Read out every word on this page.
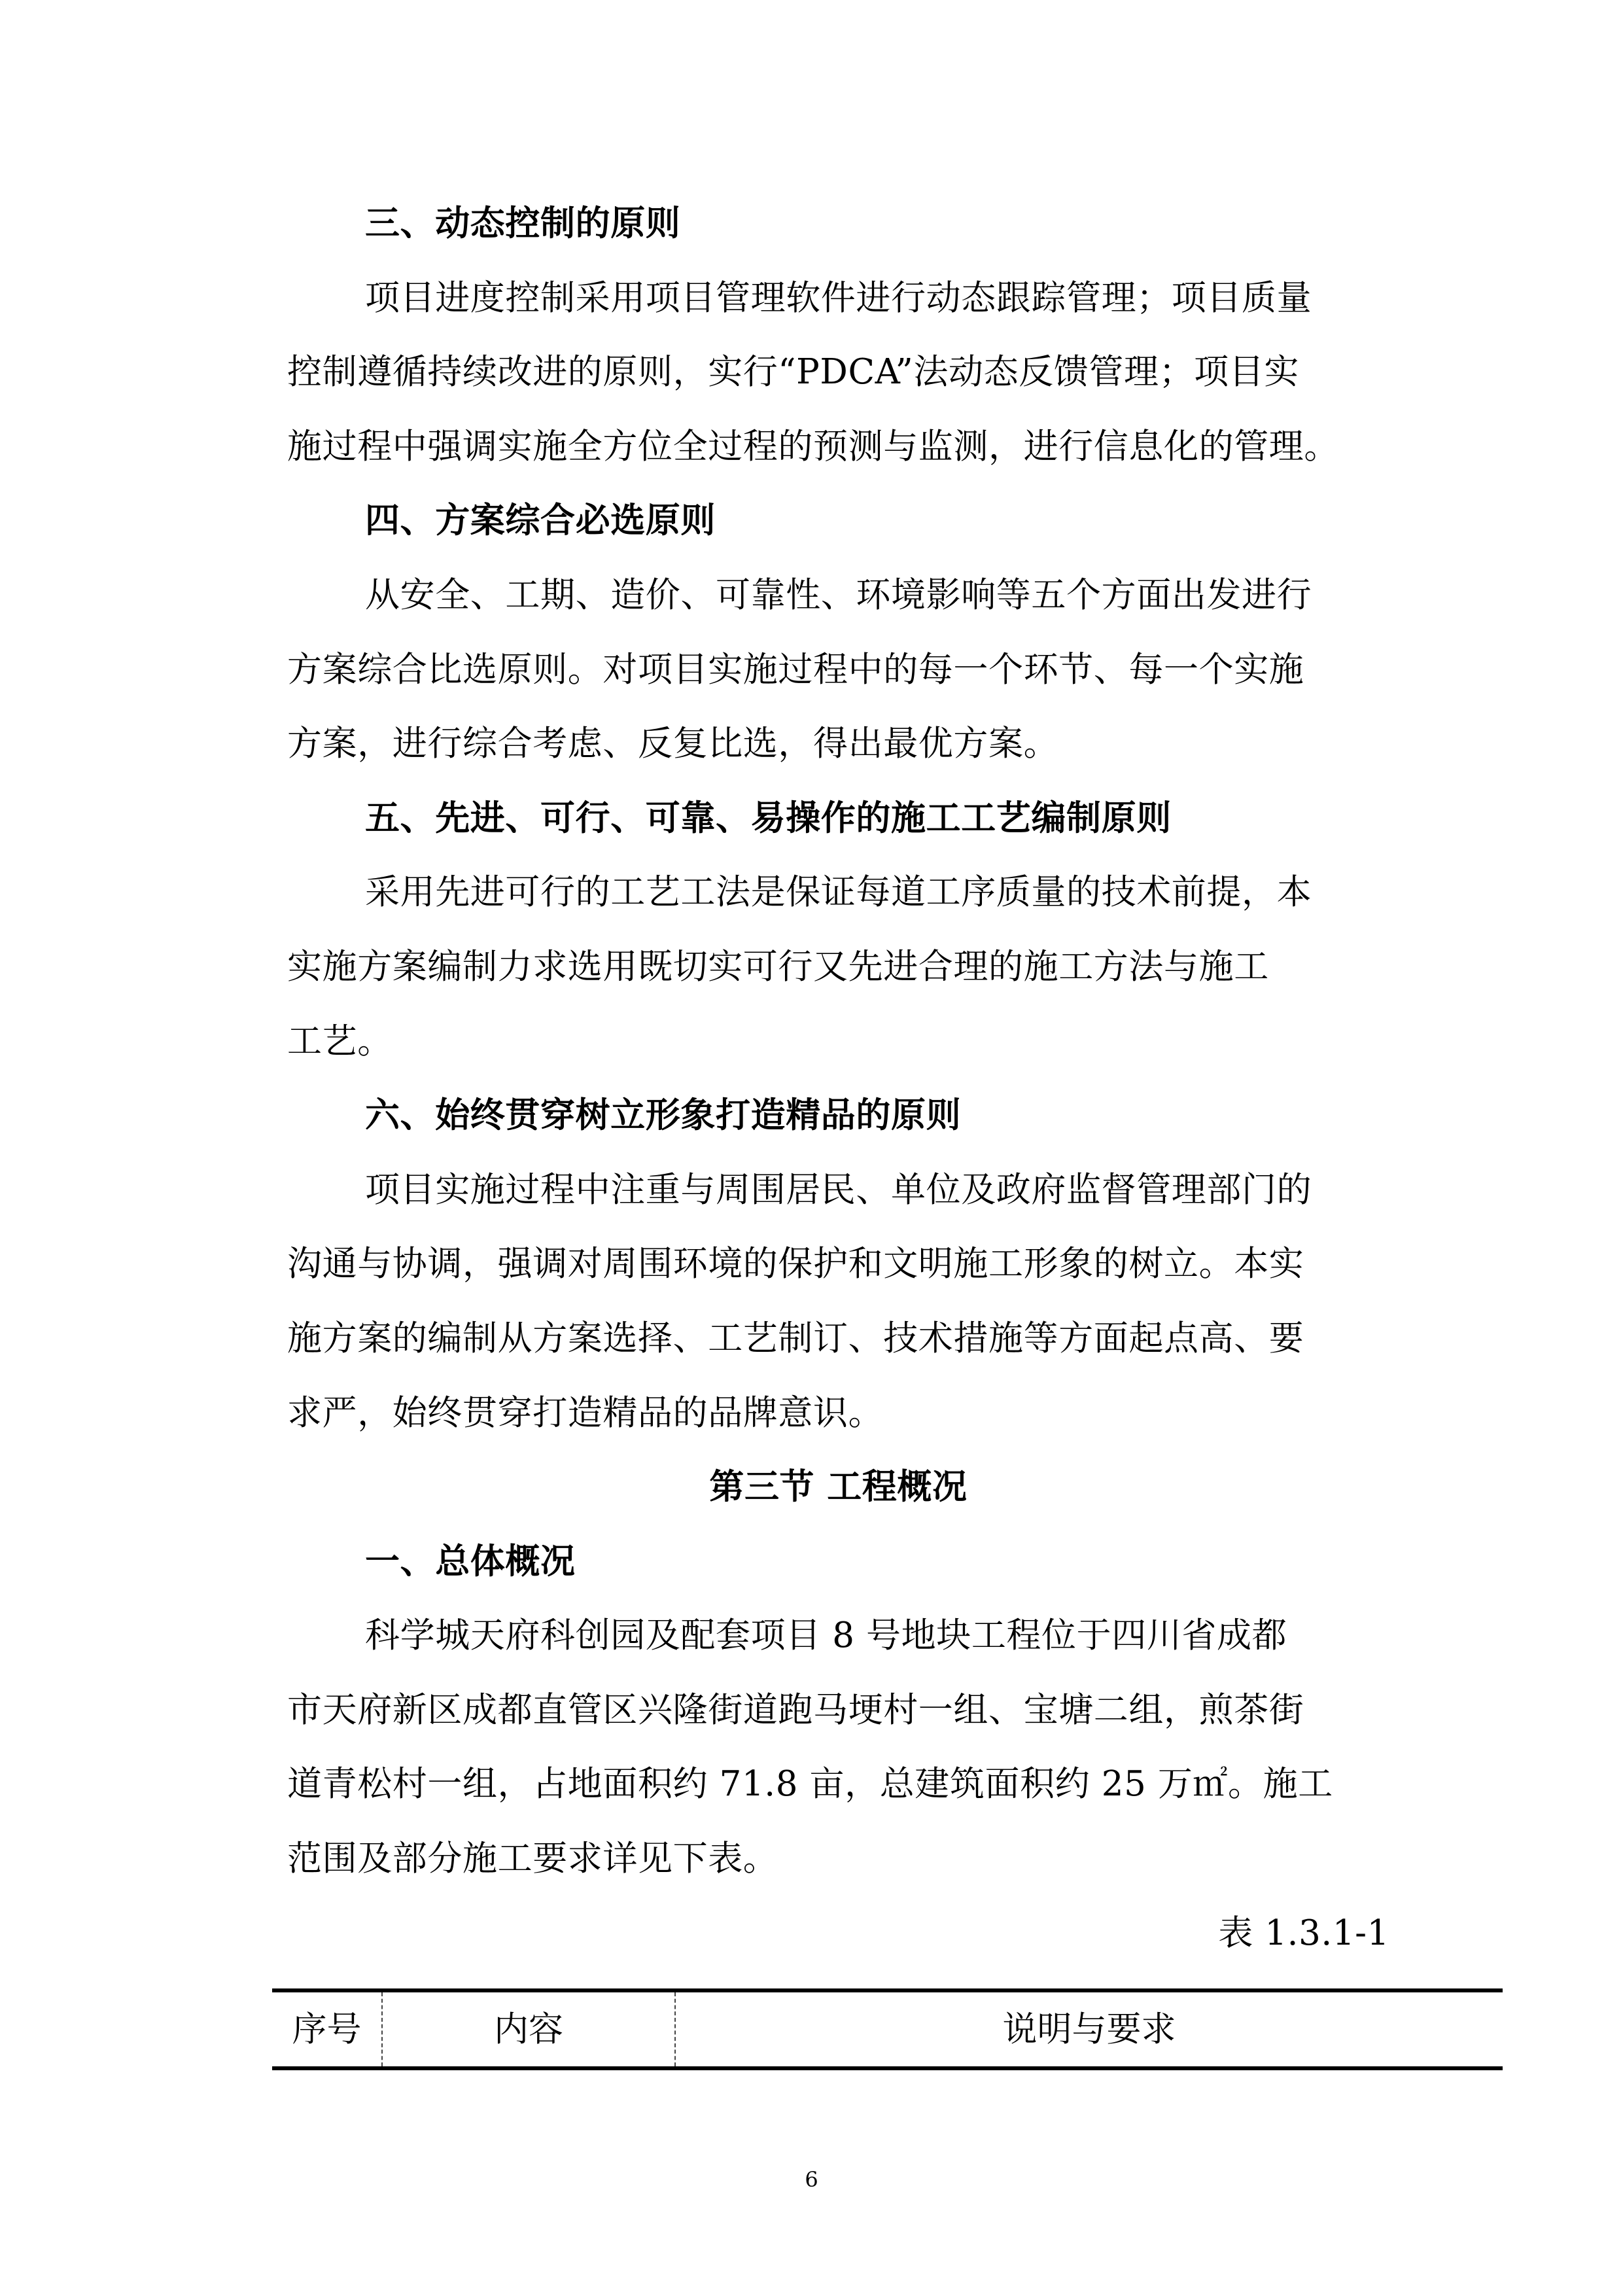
三、动态控制的原则
项目进度控制采用项目管理软件进行动态跟踪管理；项目质量
控制遵循持续改进的原则，实行“PDCA”法动态反馈管理；项目实
施过程中强调实施全方位全过程的预测与监测，进行信息化的管理。
四、方案综合必选原则
从安全、工期、造价、可靠性、环境影响等五个方面出发进行
方案综合比选原则。对项目实施过程中的每一个环节、每一个实施
方案，进行综合考虑、反复比选，得出最优方案。
五、先进、可行、可靠、易操作的施工工艺编制原则
采用先进可行的工艺工法是保证每道工序质量的技术前提，本
实施方案编制力求选用既切实可行又先进合理的施工方法与施工
工艺。
六、始终贯穿树立形象打造精品的原则
项目实施过程中注重与周围居民、单位及政府监督管理部门的
沟通与协调，强调对周围环境的保护和文明施工形象的树立。本实
施方案的编制从方案选择、工艺制订、技术措施等方面起点高、要
求严，始终贯穿打造精品的品牌意识。
第三节 工程概况
一、总体概况
科学城天府科创园及配套项目 8 号地块工程位于四川省成都
市天府新区成都直管区兴隆街道跑马埂村一组、宝塘二组，煎茶街
道青松村一组，占地面积约 71.8 亩，总建筑面积约 25 万㎡。施工
范围及部分施工要求详见下表。
表 1.3.1-1
序号	内容	说明与要求
6
